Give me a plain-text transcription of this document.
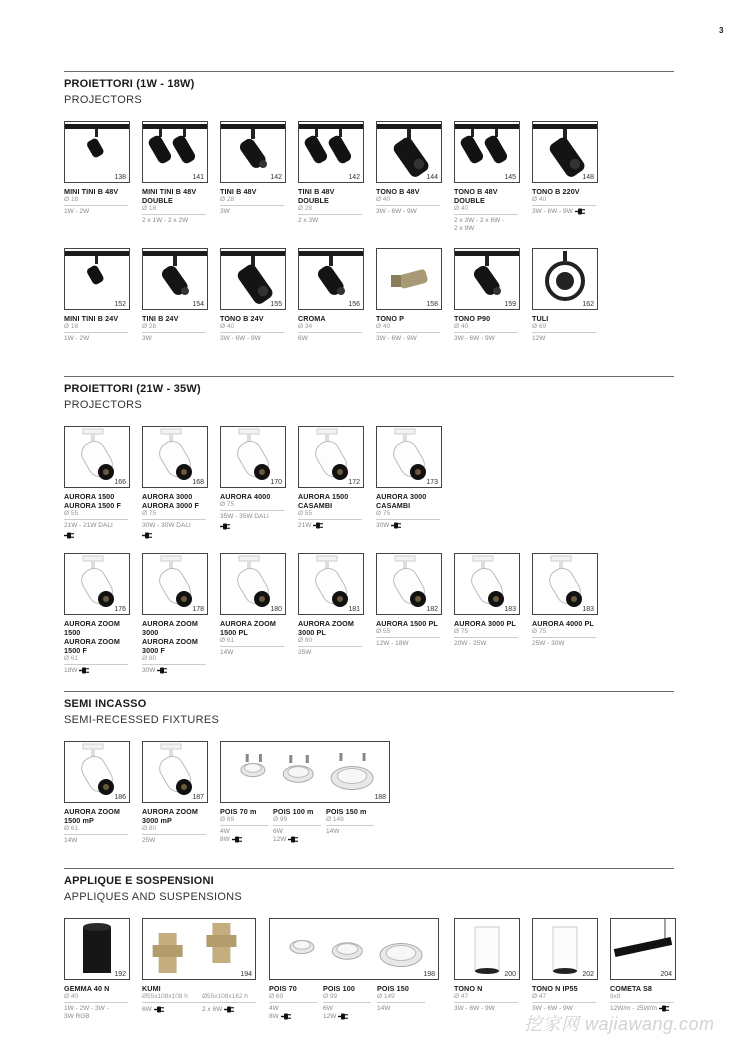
3
PROIETTORI (1W - 18W)
PROJECTORS
138
MINI TINI B 48V
Ø 18
1W - 2W
141
MINI TINI B 48V
DOUBLE
Ø 18
2 x 1W - 2 x 2W
142
TINI B 48V
Ø 28
3W
142
TINI B 48V
DOUBLE
Ø 28
2 x 3W
144
TONO B 48V
Ø 40
3W - 6W - 9W
145
TONO B 48V
DOUBLE
Ø 40
2 x 3W - 2 x 6W -
2 x 9W
148
TONO B 220V
Ø 40
3W - 6W - 9W
152
MINI TINI B 24V
Ø 18
1W - 2W
154
TINI B 24V
Ø 28
3W
155
TONO B 24V
Ø 40
3W - 6W - 9W
156
CROMA
Ø 34
6W
158
TONO P
Ø 40
3W - 6W - 9W
159
TONO P90
Ø 40
3W - 6W - 9W
162
TULI
Ø 69
12W
PROIETTORI (21W - 35W)
PROJECTORS
166
AURORA 1500
AURORA 1500 F
Ø 55
21W - 21W DALI
168
AURORA 3000
AURORA 3000 F
Ø 75
30W - 30W DALI
170
AURORA 4000
Ø 75
35W - 35W DALI
172
AURORA 1500
CASAMBI
Ø 55
21W
173
AURORA 3000
CASAMBI
Ø 75
30W
176
AURORA ZOOM
1500
AURORA ZOOM
1500 F
Ø 61
18W
178
AURORA ZOOM
3000
AURORA ZOOM
3000 F
Ø 80
30W
180
AURORA ZOOM
1500 PL
Ø 61
14W
181
AURORA ZOOM
3000 PL
Ø 80
25W
182
AURORA 1500 PL
Ø 55
12W - 18W
183
AURORA 3000 PL
Ø 75
20W - 25W
183
AURORA 4000 PL
Ø 75
25W - 30W
SEMI INCASSO
SEMI-RECESSED FIXTURES
186
AURORA ZOOM
1500 mP
Ø 61
14W
187
AURORA ZOOM
3000 mP
Ø 80
25W
188
POIS 70 m
Ø 69
4W
8W
POIS 100 m
Ø 99
6W
12W
POIS 150 m
Ø 149
14W
APPLIQUE E SOSPENSIONI
APPLIQUES AND SUSPENSIONS
192
GEMMA 40 N
Ø 40
1W - 2W - 3W -
3W RGB
194
KUMI
Ø55x108x108 h Ø55x108x162 h
6W	2 x 6W
198
POIS 70
Ø 69
4W
8W
POIS 100
Ø 99
6W
12W
POIS 150
Ø 149
14W
200
TONO N
Ø 47
3W - 6W - 9W
202
TONO N IP55
Ø 47
3W - 6W - 9W
204
COMETA S8
8x8
12W/m - 25W/m
挖家网 wajiawang.com
